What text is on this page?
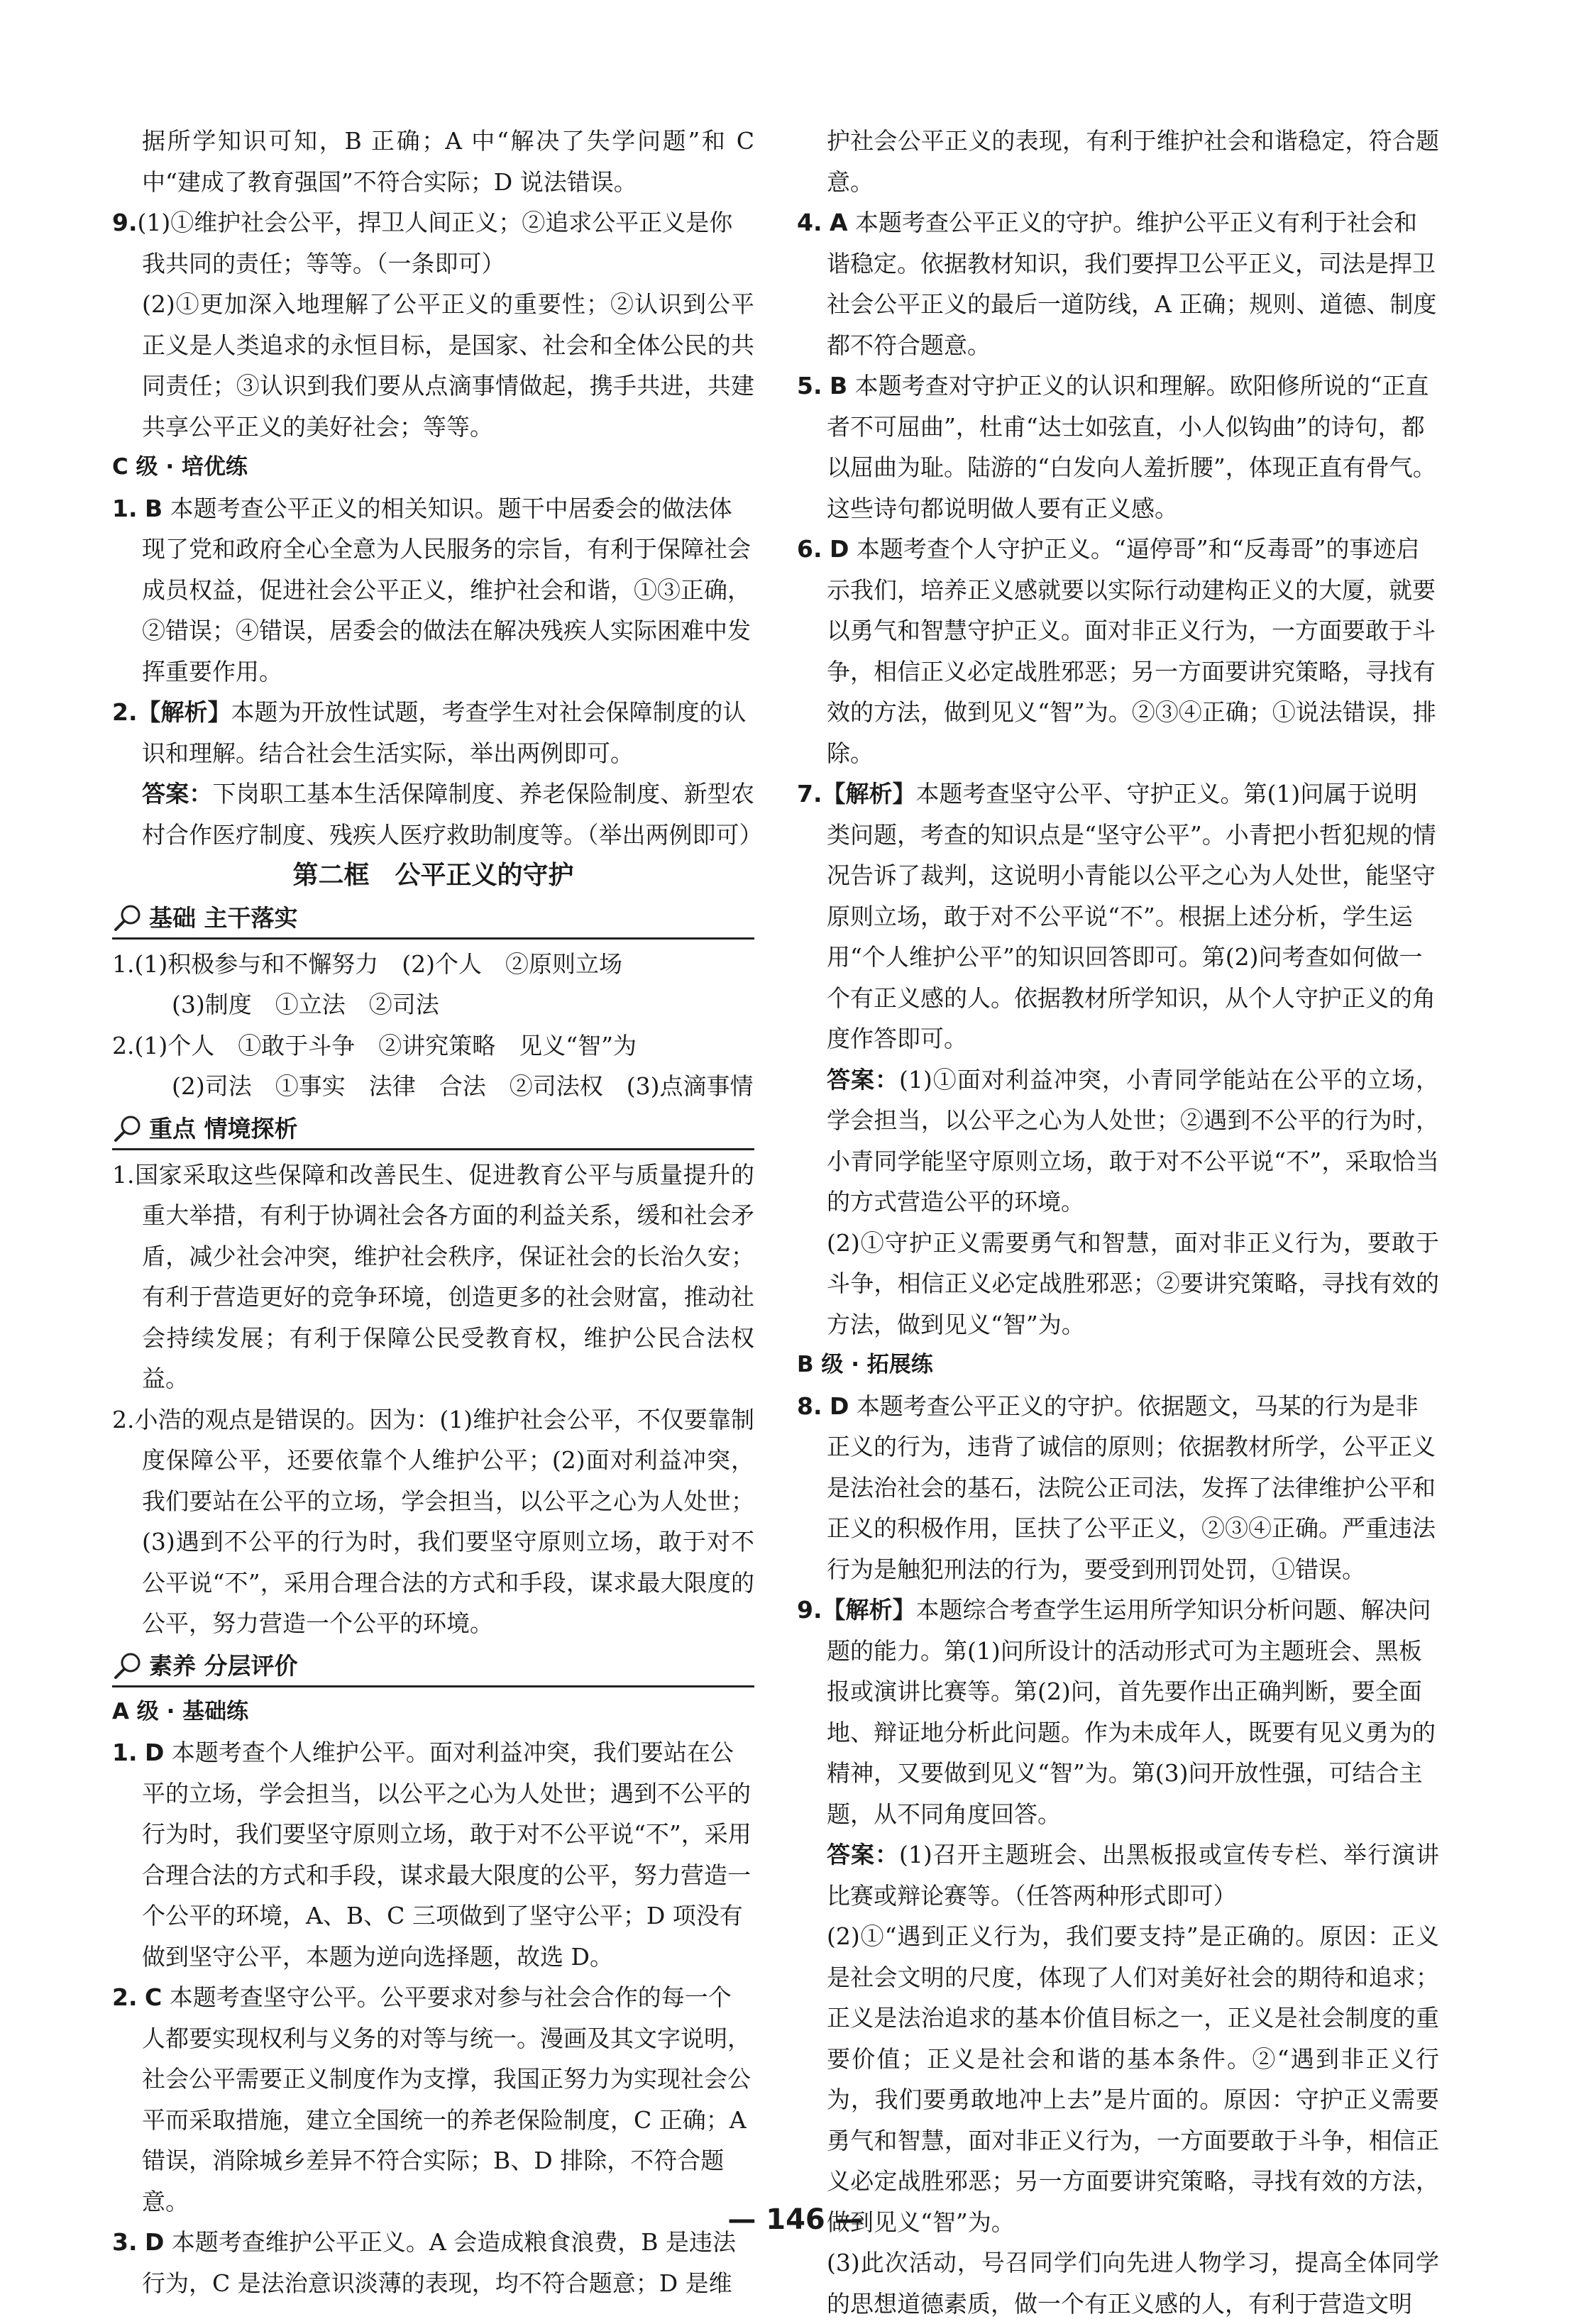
据所学知识可知，B 正确；A 中“解决了失学问题”和 C 中“建成了教育强国”不符合实际；D 说法错误。

9.(1)①维护社会公平，捍卫人间正义；②追求公平正义是你我共同的责任；等等。（一条即可）

(2)①更加深入地理解了公平正义的重要性；②认识到公平正义是人类追求的永恒目标，是国家、社会和全体公民的共同责任；③认识到我们要从点滴事情做起，携手共进，共建共享公平正义的美好社会；等等。

C 级 · 培优练
1. B 本题考查公平正义的相关知识。题干中居委会的做法体现了党和政府全心全意为人民服务的宗旨，有利于保障社会成员权益，促进社会公平正义，维护社会和谐，①③正确，②错误；④错误，居委会的做法在解决残疾人实际困难中发挥重要作用。
2.【解析】本题为开放性试题，考查学生对社会保障制度的认识和理解。结合社会生活实际，举出两例即可。

答案：下岗职工基本生活保障制度、养老保险制度、新型农村合作医疗制度、残疾人医疗救助制度等。（举出两例即可）

第二框　公平正义的守护
基础 主干落实

1.(1)积极参与和不懈努力　(2)个人　②原则立场

(3)制度　①立法　②司法

2.(1)个人　①敢于斗争　②讲究策略　见义“智”为

(2)司法　①事实　法律　合法　②司法权　(3)点滴事情

重点 情境探析

1.国家采取这些保障和改善民生、促进教育公平与质量提升的重大举措，有利于协调社会各方面的利益关系，缓和社会矛盾，减少社会冲突，维护社会秩序，保证社会的长治久安；有利于营造更好的竞争环境，创造更多的社会财富，推动社会持续发展；有利于保障公民受教育权，维护公民合法权益。

2.小浩的观点是错误的。因为：(1)维护社会公平，不仅要靠制度保障公平，还要依靠个人维护公平；(2)面对利益冲突，我们要站在公平的立场，学会担当，以公平之心为人处世；(3)遇到不公平的行为时，我们要坚守原则立场，敢于对不公平说“不”，采用合理合法的方式和手段，谋求最大限度的公平，努力营造一个公平的环境。

素养 分层评价
A 级 · 基础练
1. D 本题考查个人维护公平。面对利益冲突，我们要站在公平的立场，学会担当，以公平之心为人处世；遇到不公平的行为时，我们要坚守原则立场，敢于对不公平说“不”，采用合理合法的方式和手段，谋求最大限度的公平，努力营造一个公平的环境，A、B、C 三项做到了坚守公平；D 项没有做到坚守公平，本题为逆向选择题，故选 D。
2. C 本题考查坚守公平。公平要求对参与社会合作的每一个人都要实现权利与义务的对等与统一。漫画及其文字说明，社会公平需要正义制度作为支撑，我国正努力为实现社会公平而采取措施，建立全国统一的养老保险制度，C 正确；A 错误，消除城乡差异不符合实际；B、D 排除，不符合题意。
3. D 本题考查维护公平正义。A 会造成粮食浪费，B 是违法行为，C 是法治意识淡薄的表现，均不符合题意；D 是维

护社会公平正义的表现，有利于维护社会和谐稳定，符合题意。

4. A 本题考查公平正义的守护。维护公平正义有利于社会和谐稳定。依据教材知识，我们要捍卫公平正义，司法是捍卫社会公平正义的最后一道防线，A 正确；规则、道德、制度都不符合题意。
5. B 本题考查对守护正义的认识和理解。欧阳修所说的“正直者不可屈曲”，杜甫“达士如弦直，小人似钩曲”的诗句，都以屈曲为耻。陆游的“白发向人羞折腰”，体现正直有骨气。这些诗句都说明做人要有正义感。
6. D 本题考查个人守护正义。“逼停哥”和“反毒哥”的事迹启示我们，培养正义感就要以实际行动建构正义的大厦，就要以勇气和智慧守护正义。面对非正义行为，一方面要敢于斗争，相信正义必定战胜邪恶；另一方面要讲究策略，寻找有效的方法，做到见义“智”为。②③④正确；①说法错误，排除。
7.【解析】本题考查坚守公平、守护正义。第(1)问属于说明类问题，考查的知识点是“坚守公平”。小青把小哲犯规的情况告诉了裁判，这说明小青能以公平之心为人处世，能坚守原则立场，敢于对不公平说“不”。根据上述分析，学生运用“个人维护公平”的知识回答即可。第(2)问考查如何做一个有正义感的人。依据教材所学知识，从个人守护正义的角度作答即可。

答案：(1)①面对利益冲突，小青同学能站在公平的立场，学会担当，以公平之心为人处世；②遇到不公平的行为时，小青同学能坚守原则立场，敢于对不公平说“不”，采取恰当的方式营造公平的环境。

(2)①守护正义需要勇气和智慧，面对非正义行为，要敢于斗争，相信正义必定战胜邪恶；②要讲究策略，寻找有效的方法，做到见义“智”为。

B 级 · 拓展练
8. D 本题考查公平正义的守护。依据题文，马某的行为是非正义的行为，违背了诚信的原则；依据教材所学，公平正义是法治社会的基石，法院公正司法，发挥了法律维护公平和正义的积极作用，匡扶了公平正义，②③④正确。严重违法行为是触犯刑法的行为，要受到刑罚处罚，①错误。
9.【解析】本题综合考查学生运用所学知识分析问题、解决问题的能力。第(1)问所设计的活动形式可为主题班会、黑板报或演讲比赛等。第(2)问，首先要作出正确判断，要全面地、辩证地分析此问题。作为未成年人，既要有见义勇为的精神，又要做到见义“智”为。第(3)问开放性强，可结合主题，从不同角度回答。

答案：(1)召开主题班会、出黑板报或宣传专栏、举行演讲比赛或辩论赛等。（任答两种形式即可）

(2)①“遇到正义行为，我们要支持”是正确的。原因：正义是社会文明的尺度，体现了人们对美好社会的期待和追求；正义是法治追求的基本价值目标之一，正义是社会制度的重要价值；正义是社会和谐的基本条件。②“遇到非正义行为，我们要勇敢地冲上去”是片面的。原因：守护正义需要勇气和智慧，面对非正义行为，一方面要敢于斗争，相信正义必定战胜邪恶；另一方面要讲究策略，寻找有效的方法，做到见义“智”为。

(3)此次活动，号召同学们向先进人物学习，提高全体同学的思想道德素质，做一个有正义感的人，有利于营造文明

— 146 —
